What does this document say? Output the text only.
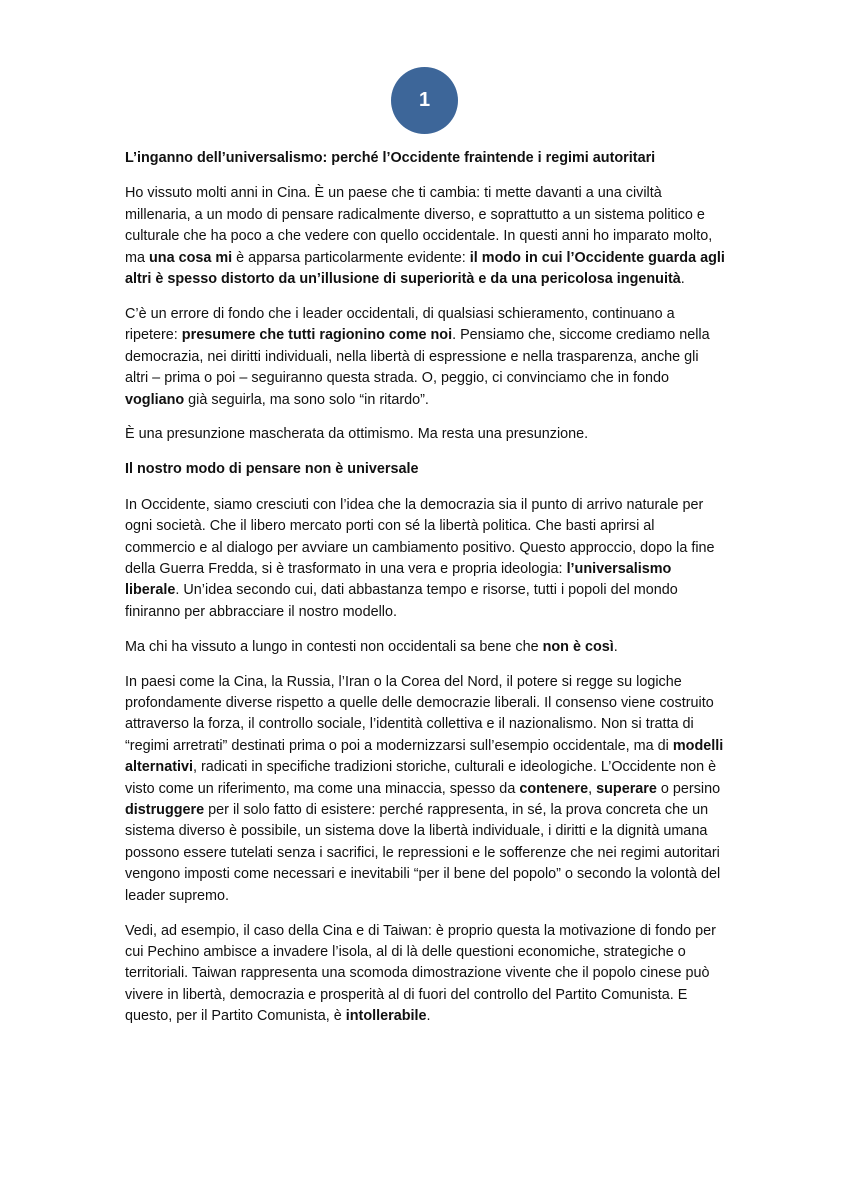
1
L’inganno dell’universalismo: perché l’Occidente fraintende i regimi autoritari

Ho vissuto molti anni in Cina. È un paese che ti cambia: ti mette davanti a una civiltà millenaria, a un modo di pensare radicalmente diverso, e soprattutto a un sistema politico e culturale che ha poco a che vedere con quello occidentale. In questi anni ho imparato molto, ma una cosa mi è apparsa particolarmente evidente: il modo in cui l’Occidente guarda agli altri è spesso distorto da un’illusione di superiorità e da una pericolosa ingenuità.

C’è un errore di fondo che i leader occidentali, di qualsiasi schieramento, continuano a ripetere: presumere che tutti ragionino come noi. Pensiamo che, siccome crediamo nella democrazia, nei diritti individuali, nella libertà di espressione e nella trasparenza, anche gli altri – prima o poi – seguiranno questa strada. O, peggio, ci convinciamo che in fondo vogliano già seguirla, ma sono solo “in ritardo”.

È una presunzione mascherata da ottimismo. Ma resta una presunzione.

Il nostro modo di pensare non è universale

In Occidente, siamo cresciuti con l’idea che la democrazia sia il punto di arrivo naturale per ogni società. Che il libero mercato porti con sé la libertà politica. Che basti aprirsi al commercio e al dialogo per avviare un cambiamento positivo. Questo approccio, dopo la fine della Guerra Fredda, si è trasformato in una vera e propria ideologia: l’universalismo liberale. Un’idea secondo cui, dati abbastanza tempo e risorse, tutti i popoli del mondo finiranno per abbracciare il nostro modello.

Ma chi ha vissuto a lungo in contesti non occidentali sa bene che non è così.

In paesi come la Cina, la Russia, l’Iran o la Corea del Nord, il potere si regge su logiche profondamente diverse rispetto a quelle delle democrazie liberali. Il consenso viene costruito attraverso la forza, il controllo sociale, l’identità collettiva e il nazionalismo. Non si tratta di “regimi arretrati” destinati prima o poi a modernizzarsi sull’esempio occidentale, ma di modelli alternativi, radicati in specifiche tradizioni storiche, culturali e ideologiche. L’Occidente non è visto come un riferimento, ma come una minaccia, spesso da contenere, superare o persino distruggere per il solo fatto di esistere: perché rappresenta, in sé, la prova concreta che un sistema diverso è possibile, un sistema dove la libertà individuale, i diritti e la dignità umana possono essere tutelati senza i sacrifici, le repressioni e le sofferenze che nei regimi autoritari vengono imposti come necessari e inevitabili “per il bene del popolo” o secondo la volontà del leader supremo.

Vedi, ad esempio, il caso della Cina e di Taiwan: è proprio questa la motivazione di fondo per cui Pechino ambisce a invadere l’isola, al di là delle questioni economiche, strategiche o territoriali. Taiwan rappresenta una scomoda dimostrazione vivente che il popolo cinese può vivere in libertà, democrazia e prosperità al di fuori del controllo del Partito Comunista. E questo, per il Partito Comunista, è intollerabile.
